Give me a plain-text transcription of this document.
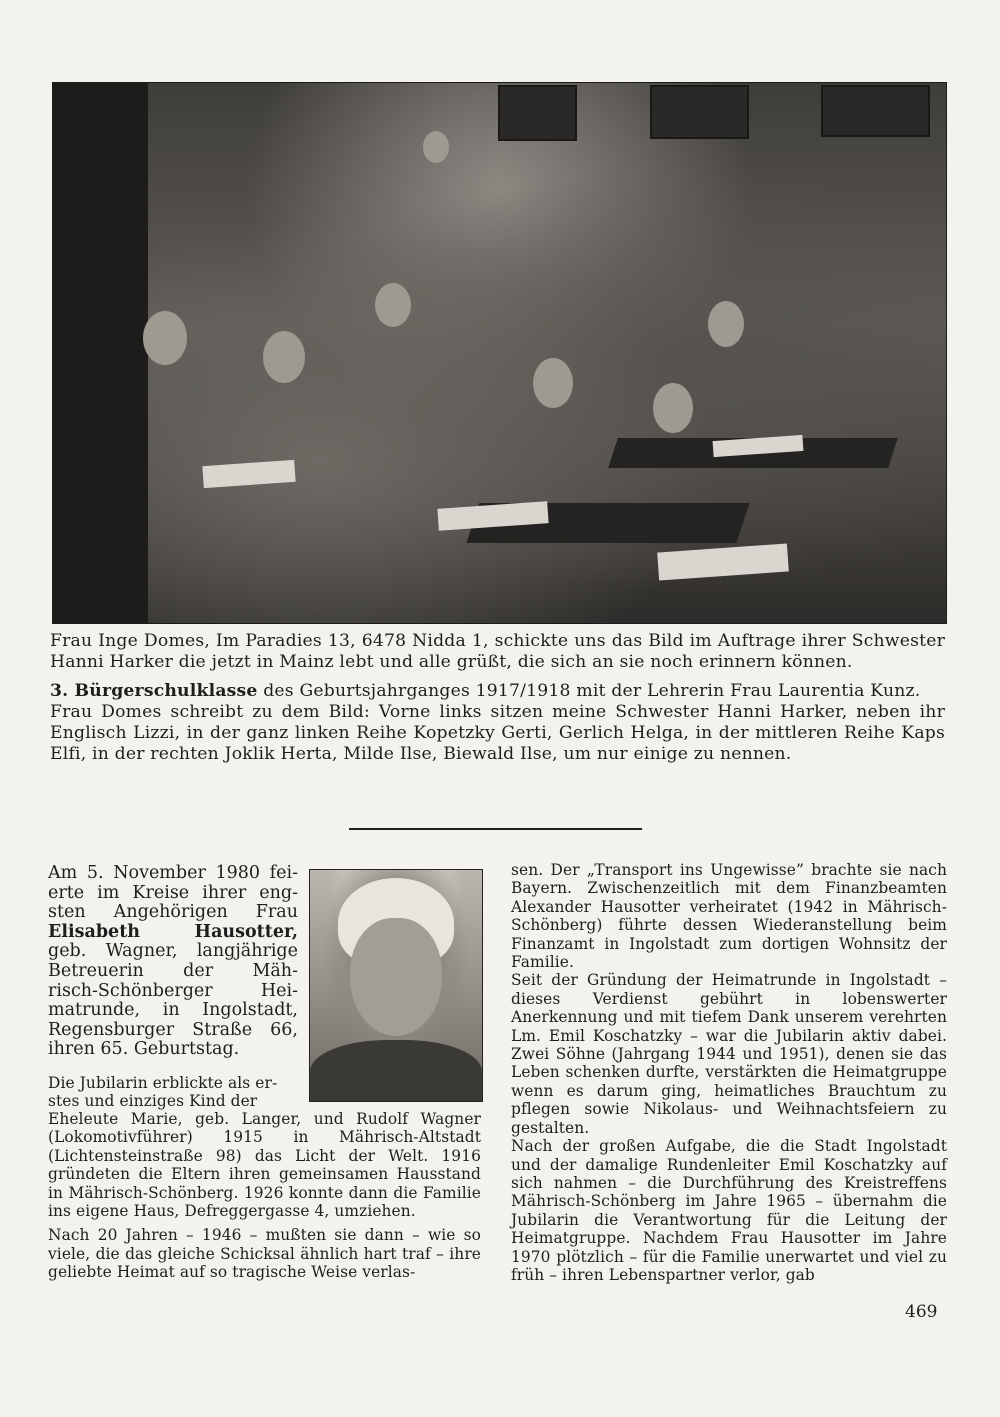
Frau Inge Domes, Im Paradies 13, 6478 Nidda 1, schickte uns das Bild im Auftrage ihrer Schwester Hanni Harker die jetzt in Mainz lebt und alle grüßt, die sich an sie noch erinnern können.

3. Bürgerschulklasse des Geburtsjahrganges 1917/1918 mit der Lehrerin Frau Laurentia Kunz.

Frau Domes schreibt zu dem Bild: Vorne links sitzen meine Schwester Hanni Harker, neben ihr Englisch Lizzi, in der ganz linken Reihe Kopetzky Gerti, Gerlich Helga, in der mittleren Reihe Kaps Elfi, in der rechten Joklik Herta, Milde Ilse, Biewald Ilse, um nur einige zu nennen.

Am 5. November 1980 fei-
erte im Kreise ihrer eng-
sten Angehörigen Frau
Elisabeth	Hausotter,
geb. Wagner, langjährige
Betreuerin der Mäh-
risch-Schönberger Hei-
matrunde, in Ingolstadt,
Regensburger Straße 66,
ihren 65. Geburtstag.
Die Jubilarin erblickte als er-
stes und einziges Kind der

Eheleute Marie, geb. Langer, und Rudolf Wagner (Lokomotivführer) 1915 in Mährisch-Altstadt (Lichtensteinstraße 98) das Licht der Welt. 1916 gründeten die Eltern ihren gemeinsamen Hausstand in Mährisch-Schönberg. 1926 konnte dann die Familie ins eigene Haus, Defreggergasse 4, umziehen.

Nach 20 Jahren – 1946 – mußten sie dann – wie so viele, die das gleiche Schicksal ähnlich hart traf – ihre geliebte Heimat auf so tragische Weise verlas-

sen. Der „Transport ins Ungewisse” brachte sie nach Bayern. Zwischenzeitlich mit dem Finanzbeamten Alexander Hausotter verheiratet (1942 in Mährisch-Schönberg) führte dessen Wiederanstellung beim Finanzamt in Ingolstadt zum dortigen Wohnsitz der Familie.

Seit der Gründung der Heimatrunde in Ingolstadt – dieses Verdienst gebührt in lobenswerter Anerkennung und mit tiefem Dank unserem verehrten Lm. Emil Koschatzky – war die Jubilarin aktiv dabei. Zwei Söhne (Jahrgang 1944 und 1951), denen sie das Leben schenken durfte, verstärkten die Heimatgruppe wenn es darum ging, heimatliches Brauchtum zu pflegen sowie Nikolaus- und Weihnachtsfeiern zu gestalten.

Nach der großen Aufgabe, die die Stadt Ingolstadt und der damalige Rundenleiter Emil Koschatzky auf sich nahmen – die Durchführung des Kreistreffens Mährisch-Schönberg im Jahre 1965 – übernahm die Jubilarin die Verantwortung für die Leitung der Heimatgruppe. Nachdem Frau Hausotter im Jahre 1970 plötzlich – für die Familie unerwartet und viel zu früh – ihren Lebenspartner verlor, gab

469
